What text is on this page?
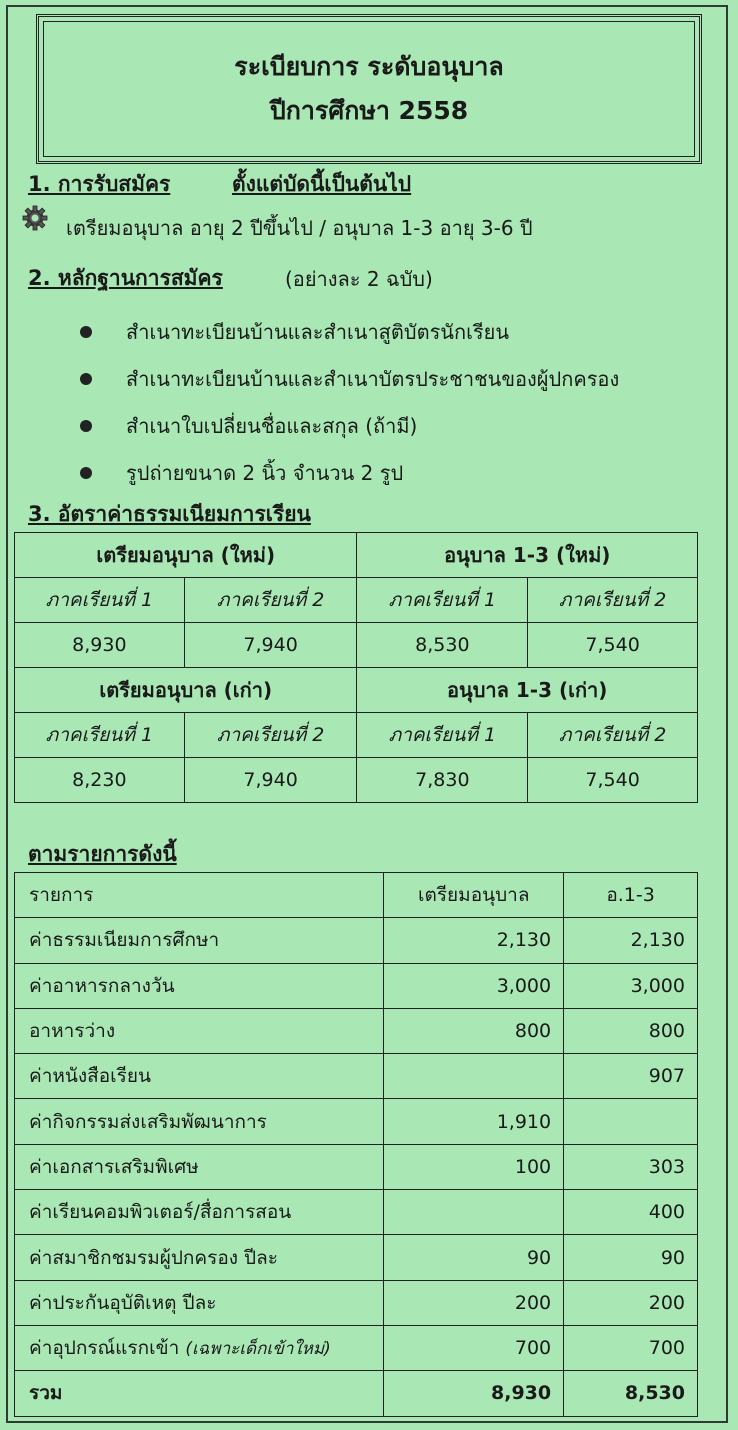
ระเบียบการ ระดับอนุบาล
ปีการศึกษา 2558
1. การรับสมัคร	ตั้งแต่บัดนี้เป็นต้นไป
เตรียมอนุบาล อายุ 2 ปีขึ้นไป / อนุบาล 1-3 อายุ 3-6 ปี
2. หลักฐานการสมัคร	(อย่างละ 2 ฉบับ)
สำเนาทะเบียนบ้านและสำเนาสูติบัตรนักเรียน
สำเนาทะเบียนบ้านและสำเนาบัตรประชาชนของผู้ปกครอง
สำเนาใบเปลี่ยนชื่อและสกุล (ถ้ามี)
รูปถ่ายขนาด 2 นิ้ว จำนวน 2 รูป
3. อัตราค่าธรรมเนียมการเรียน
เตรียมอนุบาล (ใหม่)		อนุบาล 1-3 (ใหม่)	
ภาคเรียนที่ 1	ภาคเรียนที่ 2	ภาคเรียนที่ 1	ภาคเรียนที่ 2
8,930	7,940	8,530	7,540
เตรียมอนุบาล (เก่า)		อนุบาล 1-3 (เก่า)	
ภาคเรียนที่ 1	ภาคเรียนที่ 2	ภาคเรียนที่ 1	ภาคเรียนที่ 2
8,230	7,940	7,830	7,540
ตามรายการดังนี้
รายการ	เตรียมอนุบาล	อ.1-3
ค่าธรรมเนียมการศึกษา	2,130	2,130
ค่าอาหารกลางวัน	3,000	3,000
อาหารว่าง	800	800
ค่าหนังสือเรียน		907
ค่ากิจกรรมส่งเสริมพัฒนาการ	1,910	
ค่าเอกสารเสริมพิเศษ	100	303
ค่าเรียนคอมพิวเตอร์/สื่อการสอน		400
ค่าสมาชิกชมรมผู้ปกครอง ปีละ	90	90
ค่าประกันอุบัติเหตุ ปีละ	200	200
ค่าอุปกรณ์แรกเข้า (เฉพาะเด็กเข้าใหม่)	700	700
รวม	8,930	8,530
